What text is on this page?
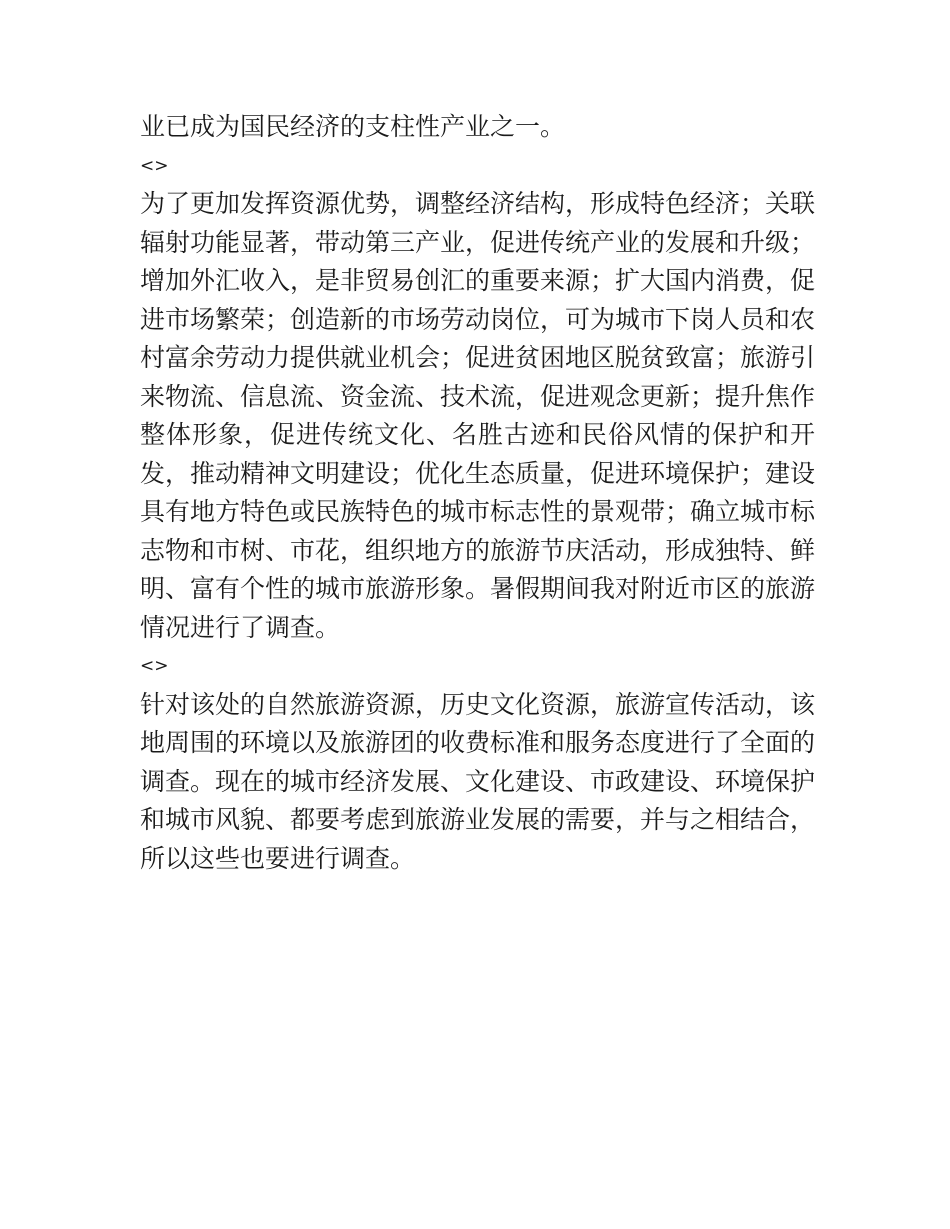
业已成为国民经济的支柱性产业之一。

<>

为了更加发挥资源优势，调整经济结构，形成特色经济；关联辐射功能显著，带动第三产业，促进传统产业的发展和升级；增加外汇收入，是非贸易创汇的重要来源；扩大国内消费，促进市场繁荣；创造新的市场劳动岗位，可为城市下岗人员和农村富余劳动力提供就业机会；促进贫困地区脱贫致富；旅游引来物流、信息流、资金流、技术流，促进观念更新；提升焦作整体形象，促进传统文化、名胜古迹和民俗风情的保护和开发，推动精神文明建设；优化生态质量，促进环境保护；建设具有地方特色或民族特色的城市标志性的景观带；确立城市标志物和市树、市花，组织地方的旅游节庆活动，形成独特、鲜明、富有个性的城市旅游形象。暑假期间我对附近市区的旅游情况进行了调查。

<>

针对该处的自然旅游资源，历史文化资源，旅游宣传活动，该地周围的环境以及旅游团的收费标准和服务态度进行了全面的调查。现在的城市经济发展、文化建设、市政建设、环境保护和城市风貌、都要考虑到旅游业发展的需要，并与之相结合，所以这些也要进行调查。
